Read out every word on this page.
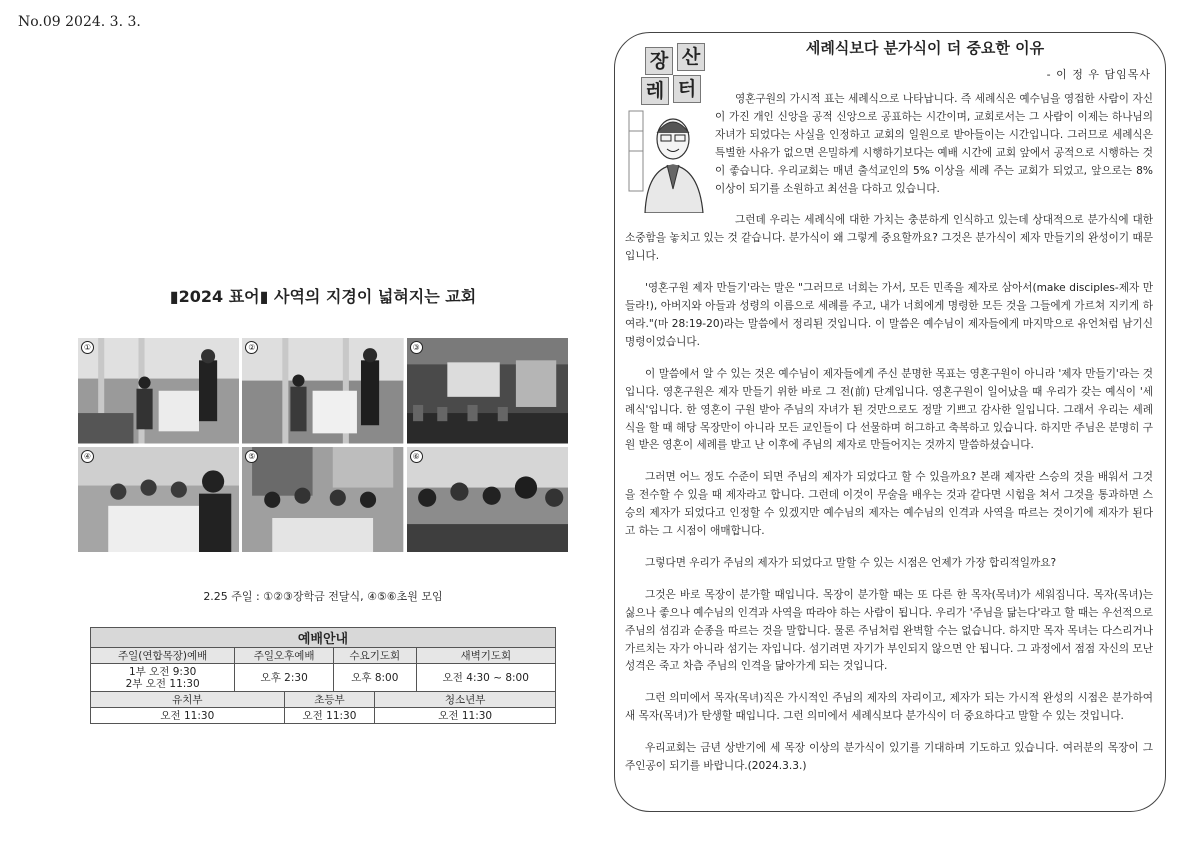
No.09 2024. 3. 3.
▮2024 표어▮ 사역의 지경이 넓혀지는 교회
①	②	③
④	⑤	⑥
2.25 주일 : ①②③장학금 전달식, ④⑤⑥초원 모임
예배안내					
주일(연합목장)예배	주일오후예배		수요기도회		새벽기도회
1부 오전 9:30
2부 오전 11:30	오후 2:30		오후 8:00		오전 4:30 ~ 8:00
유치부		초등부		청소년부	
오전 11:30		오전 11:30		오전 11:30	
장 산
레 터
세례식보다 분가식이 더 중요한 이유
- 이 정 우 담임목사

영혼구원의 가시적 표는 세례식으로 나타납니다. 즉 세례식은 예수님을 영접한 사람이 자신이 가진 개인 신앙을 공적 신앙으로 공표하는 시간이며, 교회로서는 그 사람이 이제는 하나님의 자녀가 되었다는 사실을 인정하고 교회의 일원으로 받아들이는 시간입니다. 그러므로 세례식은 특별한 사유가 없으면 은밀하게 시행하기보다는 예배 시간에 교회 앞에서 공적으로 시행하는 것이 좋습니다. 우리교회는 매년 출석교인의 5% 이상을 세례 주는 교회가 되었고, 앞으로는 8% 이상이 되기를 소원하고 최선을 다하고 있습니다.

그런데 우리는 세례식에 대한 가치는 충분하게 인식하고 있는데 상대적으로 분가식에 대한 소중함을 놓치고 있는 것 같습니다. 분가식이 왜 그렇게 중요할까요? 그것은 분가식이 제자 만들기의 완성이기 때문입니다.

'영혼구원 제자 만들기'라는 말은 "그러므로 너희는 가서, 모든 민족을 제자로 삼아서(make disciples-제자 만들라!), 아버지와 아들과 성령의 이름으로 세례를 주고, 내가 너희에게 명령한 모든 것을 그들에게 가르쳐 지키게 하여라."(마 28:19-20)라는 말씀에서 정리된 것입니다. 이 말씀은 예수님이 제자들에게 마지막으로 유언처럼 남기신 명령이었습니다.

이 말씀에서 알 수 있는 것은 예수님이 제자들에게 주신 분명한 목표는 영혼구원이 아니라 '제자 만들기'라는 것입니다. 영혼구원은 제자 만들기 위한 바로 그 전(前) 단계입니다. 영혼구원이 일어났을 때 우리가 갖는 예식이 '세례식'입니다. 한 영혼이 구원 받아 주님의 자녀가 된 것만으로도 정말 기쁘고 감사한 일입니다. 그래서 우리는 세례식을 할 때 해당 목장만이 아니라 모든 교인들이 다 선물하며 허그하고 축복하고 있습니다. 하지만 주님은 분명히 구원 받은 영혼이 세례를 받고 난 이후에 주님의 제자로 만들어지는 것까지 말씀하셨습니다.

그러면 어느 정도 수준이 되면 주님의 제자가 되었다고 할 수 있을까요? 본래 제자란 스승의 것을 배워서 그것을 전수할 수 있을 때 제자라고 합니다. 그런데 이것이 무술을 배우는 것과 같다면 시험을 쳐서 그것을 통과하면 스승의 제자가 되었다고 인정할 수 있겠지만 예수님의 제자는 예수님의 인격과 사역을 따르는 것이기에 제자가 된다고 하는 그 시점이 애매합니다.

그렇다면 우리가 주님의 제자가 되었다고 말할 수 있는 시점은 언제가 가장 합리적일까요?

그것은 바로 목장이 분가할 때입니다. 목장이 분가할 때는 또 다른 한 목자(목녀)가 세워집니다. 목자(목녀)는 싫으나 좋으나 예수님의 인격과 사역을 따라야 하는 사람이 됩니다. 우리가 '주님을 닮는다'라고 할 때는 우선적으로 주님의 섬김과 순종을 따르는 것을 말합니다. 물론 주님처럼 완벽할 수는 없습니다. 하지만 목자 목녀는 다스리거나 가르치는 자가 아니라 섬기는 자입니다. 섬기려면 자기가 부인되지 않으면 안 됩니다. 그 과정에서 점점 자신의 모난 성격은 죽고 차츰 주님의 인격을 닮아가게 되는 것입니다.

그런 의미에서 목자(목녀)직은 가시적인 주님의 제자의 자리이고, 제자가 되는 가시적 완성의 시점은 분가하여 새 목자(목녀)가 탄생할 때입니다. 그런 의미에서 세례식보다 분가식이 더 중요하다고 말할 수 있는 것입니다.

우리교회는 금년 상반기에 세 목장 이상의 분가식이 있기를 기대하며 기도하고 있습니다. 여러분의 목장이 그 주인공이 되기를 바랍니다.(2024.3.3.)
